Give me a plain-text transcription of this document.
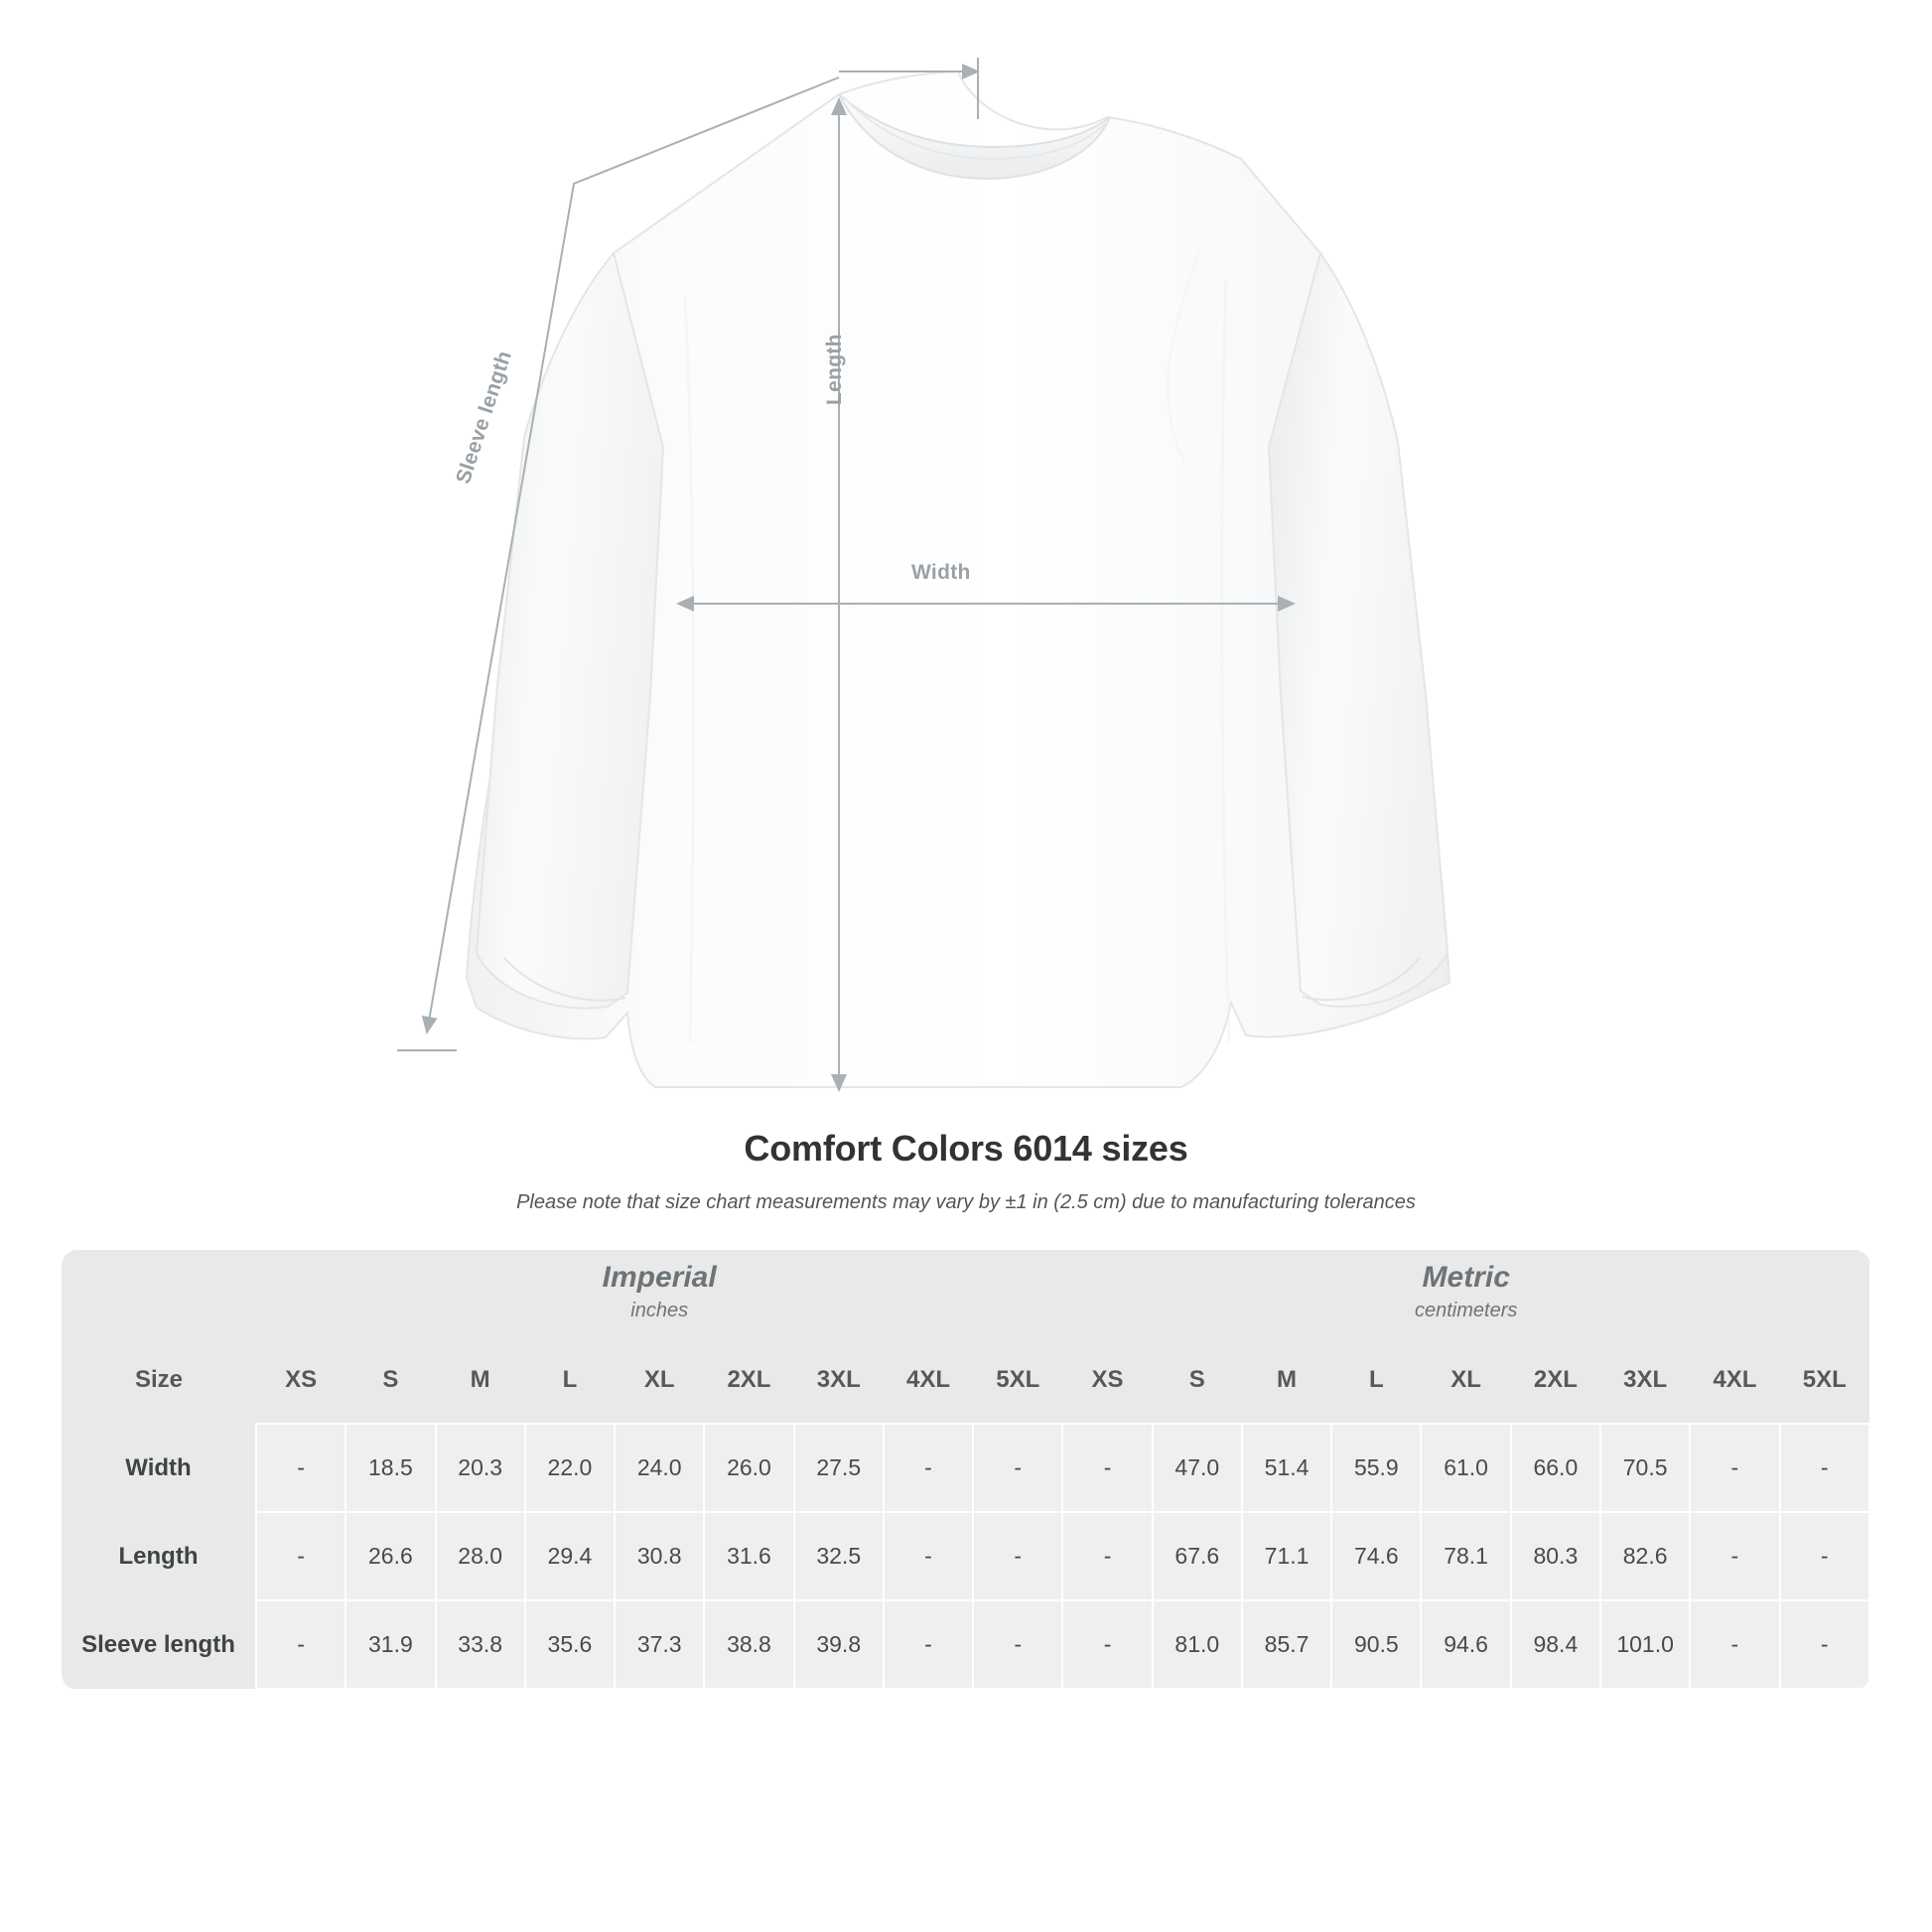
Width
Length
Sleeve length
Comfort Colors 6014 sizes
Please note that size chart measurements may vary by ±1 in (2.5 cm) due to manufacturing tolerances

Imperial
inches

Metric
centimeters

Size	XS	S	M	L	XL	2XL	3XL	4XL	5XL	XS	S	M	L	XL	2XL	3XL	4XL	5XL
Width	-	18.5	20.3	22.0	24.0	26.0	27.5	-	-	-	47.0	51.4	55.9	61.0	66.0	70.5	-	-
Length	-	26.6	28.0	29.4	30.8	31.6	32.5	-	-	-	67.6	71.1	74.6	78.1	80.3	82.6	-	-
Sleeve length	-	31.9	33.8	35.6	37.3	38.8	39.8	-	-	-	81.0	85.7	90.5	94.6	98.4	101.0	-	-
